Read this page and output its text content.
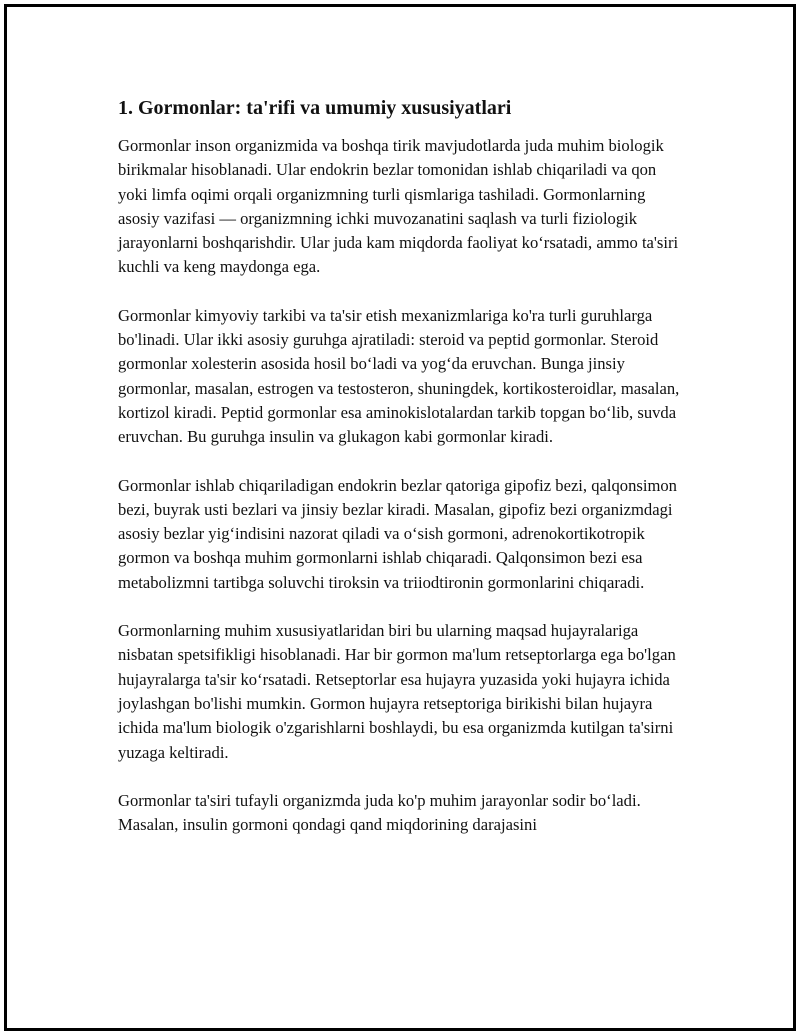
1. Gormonlar: ta'rifi va umumiy xususiyatlari

Gormonlar inson organizmida va boshqa tirik mavjudotlarda juda muhim biologik birikmalar hisoblanadi. Ular endokrin bezlar tomonidan ishlab chiqariladi va qon yoki limfa oqimi orqali organizmning turli qismlariga tashiladi. Gormonlarning asosiy vazifasi — organizmning ichki muvozanatini saqlash va turli fiziologik jarayonlarni boshqarishdir. Ular juda kam miqdorda faoliyat ko‘rsatadi, ammo ta'siri kuchli va keng maydonga ega.

Gormonlar kimyoviy tarkibi va ta'sir etish mexanizmlariga ko'ra turli guruhlarga bo'linadi. Ular ikki asosiy guruhga ajratiladi: steroid va peptid gormonlar. Steroid gormonlar xolesterin asosida hosil bo‘ladi va yog‘da eruvchan. Bunga jinsiy gormonlar, masalan, estrogen va testosteron, shuningdek, kortikosteroidlar, masalan, kortizol kiradi. Peptid gormonlar esa aminokislotalardan tarkib topgan bo‘lib, suvda eruvchan. Bu guruhga insulin va glukagon kabi gormonlar kiradi.

Gormonlar ishlab chiqariladigan endokrin bezlar qatoriga gipofiz bezi, qalqonsimon bezi, buyrak usti bezlari va jinsiy bezlar kiradi. Masalan, gipofiz bezi organizmdagi asosiy bezlar yig‘indisini nazorat qiladi va o‘sish gormoni, adrenokortikotropik gormon va boshqa muhim gormonlarni ishlab chiqaradi. Qalqonsimon bezi esa metabolizmni tartibga soluvchi tiroksin va triiodtironin gormonlarini chiqaradi.

Gormonlarning muhim xususiyatlaridan biri bu ularning maqsad hujayralariga nisbatan spetsifikligi hisoblanadi. Har bir gormon ma'lum retseptorlarga ega bo'lgan hujayralarga ta'sir ko‘rsatadi. Retseptorlar esa hujayra yuzasida yoki hujayra ichida joylashgan bo'lishi mumkin. Gormon hujayra retseptoriga birikishi bilan hujayra ichida ma'lum biologik o'zgarishlarni boshlaydi, bu esa organizmda kutilgan ta'sirni yuzaga keltiradi.

Gormonlar ta'siri tufayli organizmda juda ko'p muhim jarayonlar sodir bo‘ladi. Masalan, insulin gormoni qondagi qand miqdorining darajasini
